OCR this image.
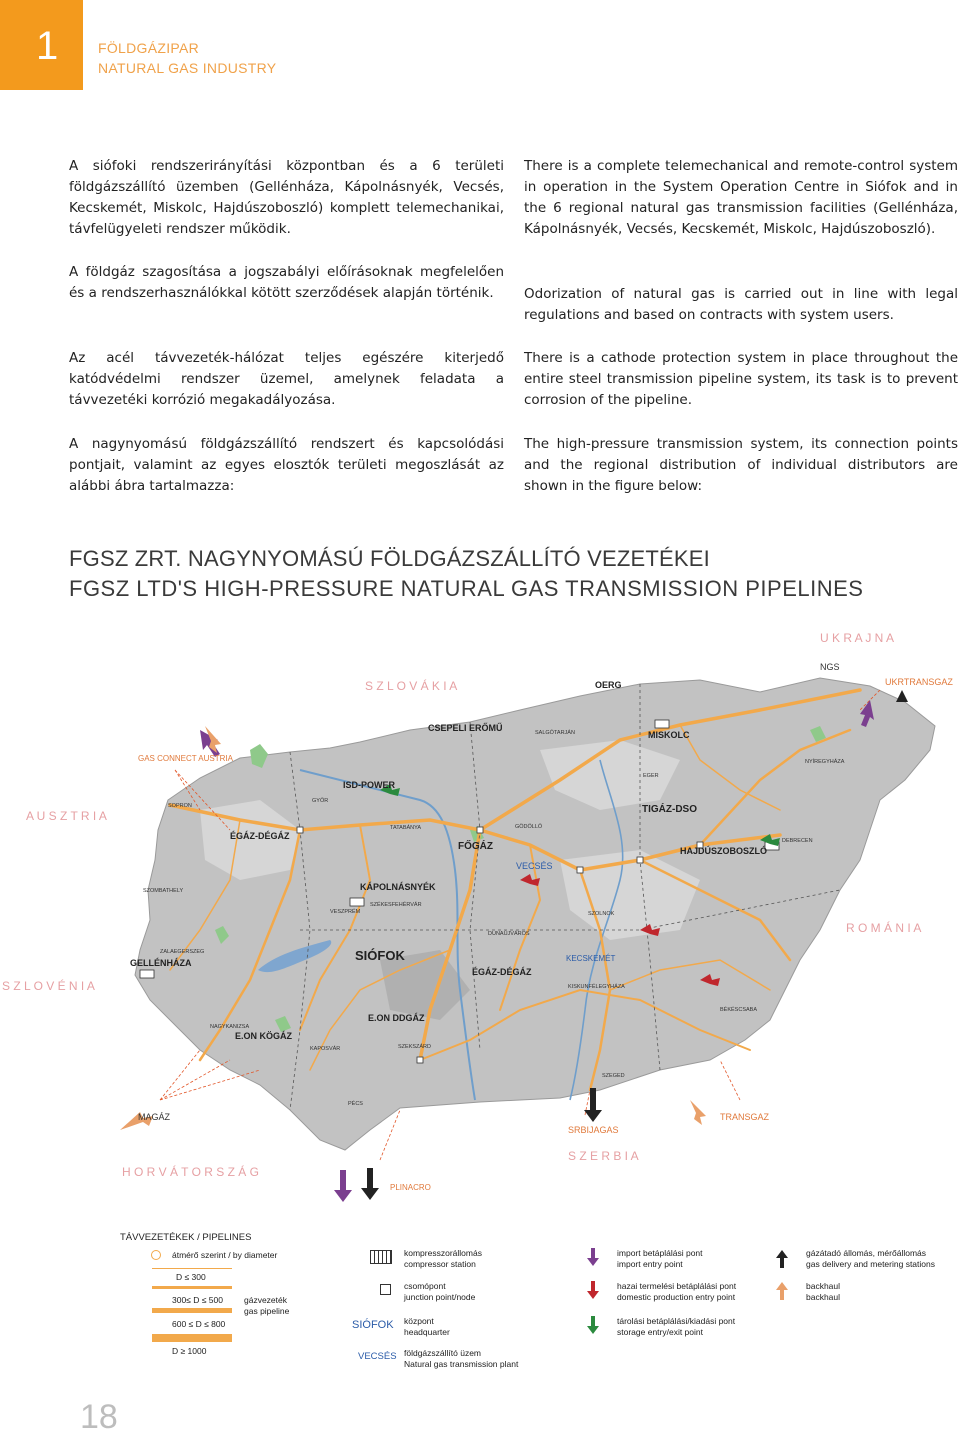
1	FÖLDGÁZIPAR
NATURAL GAS INDUSTRY
A siófoki rendszerirányítási központban és a 6 területi földgázszállító üzemben (Gellénháza, Kápolnásnyék, Vecsés, Kecskemét, Miskolc, Hajdúszoboszló) komplett telemechanikai, távfelügyeleti rendszer működik.
A földgáz szagosítása a jogszabályi előírásoknak megfelelően és a rendszerhasználókkal kötött szerződések alapján történik.
Az acél távvezeték-hálózat teljes egészére kiterjedő katódvédelmi rendszer üzemel, amelynek feladata a távvezetéki korrózió megakadályozása.
A nagynyomású földgázszállító rendszert és kapcsolódási pontjait, valamint az egyes elosztók területi megoszlását az alábbi ábra tartalmazza:
There is a complete telemechanical and remote-control system in operation in the System Operation Centre in Siófok and in the 6 regional natural gas transmission facilities (Gellénháza, Kápolnásnyék, Vecsés, Kecskemét, Miskolc, Hajdúszoboszló).
Odorization of natural gas is carried out in line with legal regulations and based on contracts with system users.
There is a cathode protection system in place throughout the entire steel transmission pipeline system, its task is to prevent corrosion of the pipeline.
The high-pressure transmission system, its connection points and the regional distribution of individual distributors are shown in the figure below:
FGSZ ZRT. NAGYNYOMÁSÚ FÖLDGÁZSZÁLLÍTÓ VEZETÉKEI
FGSZ LTD'S HIGH-PRESSURE NATURAL GAS TRANSMISSION PIPELINES
U K R A J N A
S Z L O V Á K I A
A U S Z T R I A
S Z L O V É N I A
R O M Á N I A
H O R V Á T O R S Z Á G
S Z E R B I A
NGS
UKRTRANSGAZ
GAS CONNECT AUSTRIA
MAGÁZ
PLINACRO
SRBIJAGAS
TRANSGAZ
OERG
CSEPELI ERŐMŰ
ISD-POWER
ÉGÁZ-DÉGÁZ
FŐGÁZ
TIGÁZ-DSO
ÉGÁZ-DÉGÁZ
E.ON DDGÁZ
E.ON KÖGÁZ
MISKOLC
HAJDÚSZOBOSZLÓ
KÁPOLNÁSNYÉK
VECSÉS
KECSKEMÉT
GELLÉNHÁZA	SIÓFOK
SOPRON
GYŐR
SZOMBATHELY
ZALAEGERSZEG
NAGYKANIZSA
KAPOSVÁR
PÉCS
SZEKSZÁRD
TATABÁNYA
VESZPRÉM
SZÉKESFEHÉRVÁR
SALGÓTARJÁN
EGER
SZOLNOK
DEBRECEN
NYÍREGYHÁZA
BÉKÉSCSABA
SZEGED
GÖDÖLLŐ
DUNAÚJVÁROS
KISKUNFÉLEGYHÁZA
TÁVVEZETÉKEK / PIPELINES
átmérő szerint / by diameter
D ≤ 300
300≤ D ≤ 500
600 ≤ D ≤ 800
D ≥ 1000
gázvezeték
gas pipeline
kompresszorállomás
compressor station
csomópont
junction point/node
SIÓFOK központ
headquarter
VECSÉS földgázszállító üzem
Natural gas transmission plant
import betáplálási pont
import entry point
hazai termelési betáplálási pont
domestic production entry point
tárolási betáplálási/kiadási pont
storage entry/exit point
gázátadó állomás, mérőállomás
gas delivery and metering stations
backhaul
backhaul
18
